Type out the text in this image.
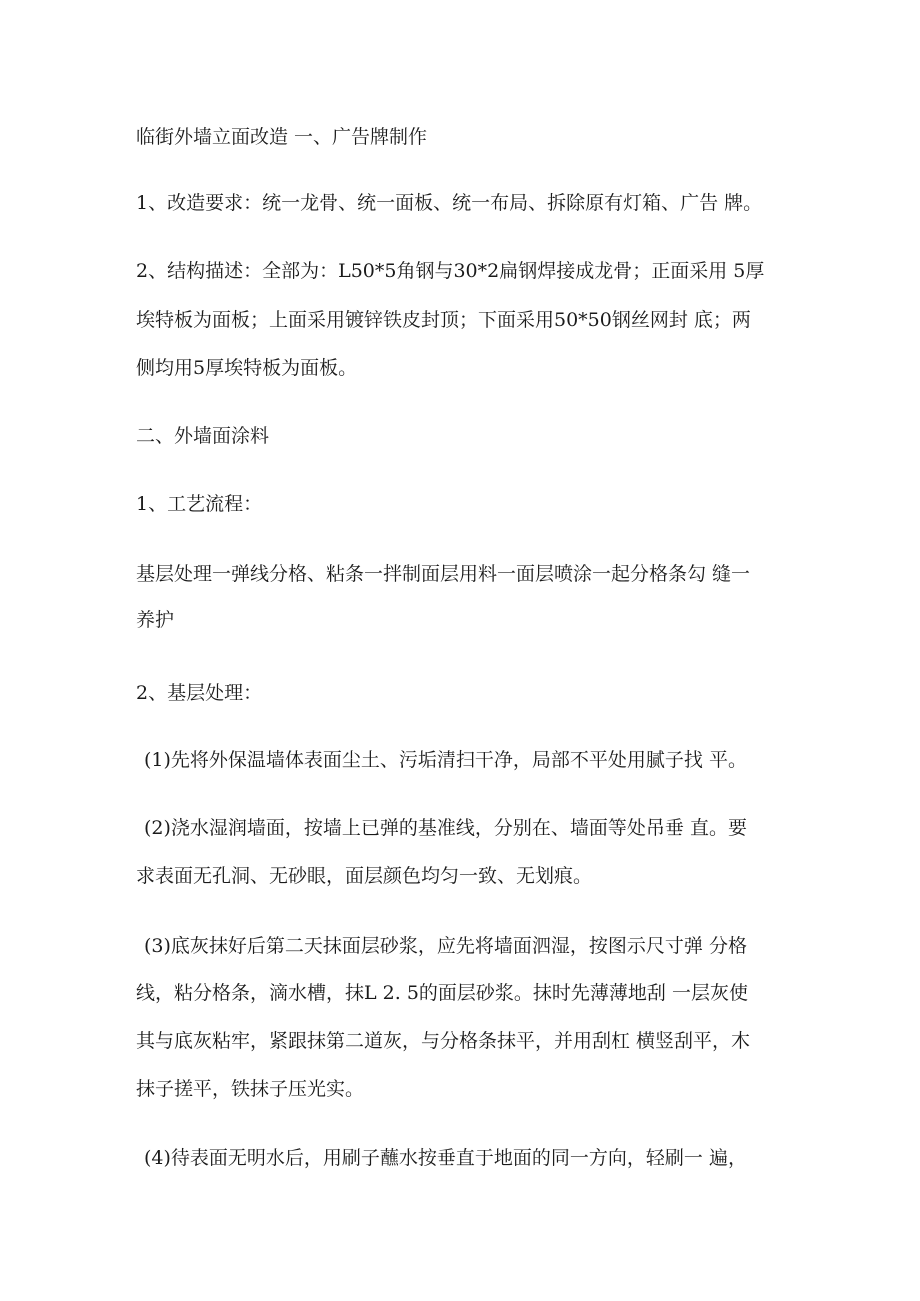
临街外墙立面改造 一、广告牌制作

1、改造要求：统一龙骨、统一面板、统一布局、拆除原有灯箱、广告 牌。

2、结构描述：全部为：L50*5角钢与30*2扁钢焊接成龙骨；正面采用 5厚

埃特板为面板；上面采用镀锌铁皮封顶；下面采用50*50钢丝网封 底；两

侧均用5厚埃特板为面板。

二、外墙面涂料

1、工艺流程：

基层处理一弹线分格、粘条一拌制面层用料一面层喷涂一起分格条勾 缝一

养护

2、基层处理：

(1)先将外保温墙体表面尘土、污垢清扫干净，局部不平处用腻子找 平。

(2)浇水湿润墙面，按墙上已弹的基准线，分别在、墙面等处吊垂 直。要

求表面无孔洞、无砂眼，面层颜色均匀一致、无划痕。

(3)底灰抹好后第二天抹面层砂浆，应先将墙面泗湿，按图示尺寸弹 分格

线，粘分格条，滴水槽，抹L 2. 5的面层砂浆。抹时先薄薄地刮 一层灰使

其与底灰粘牢，紧跟抹第二道灰，与分格条抹平，并用刮杠 横竖刮平，木

抹子搓平，铁抹子压光实。

(4)待表面无明水后，用刷子蘸水按垂直于地面的同一方向，轻刷一 遍，
